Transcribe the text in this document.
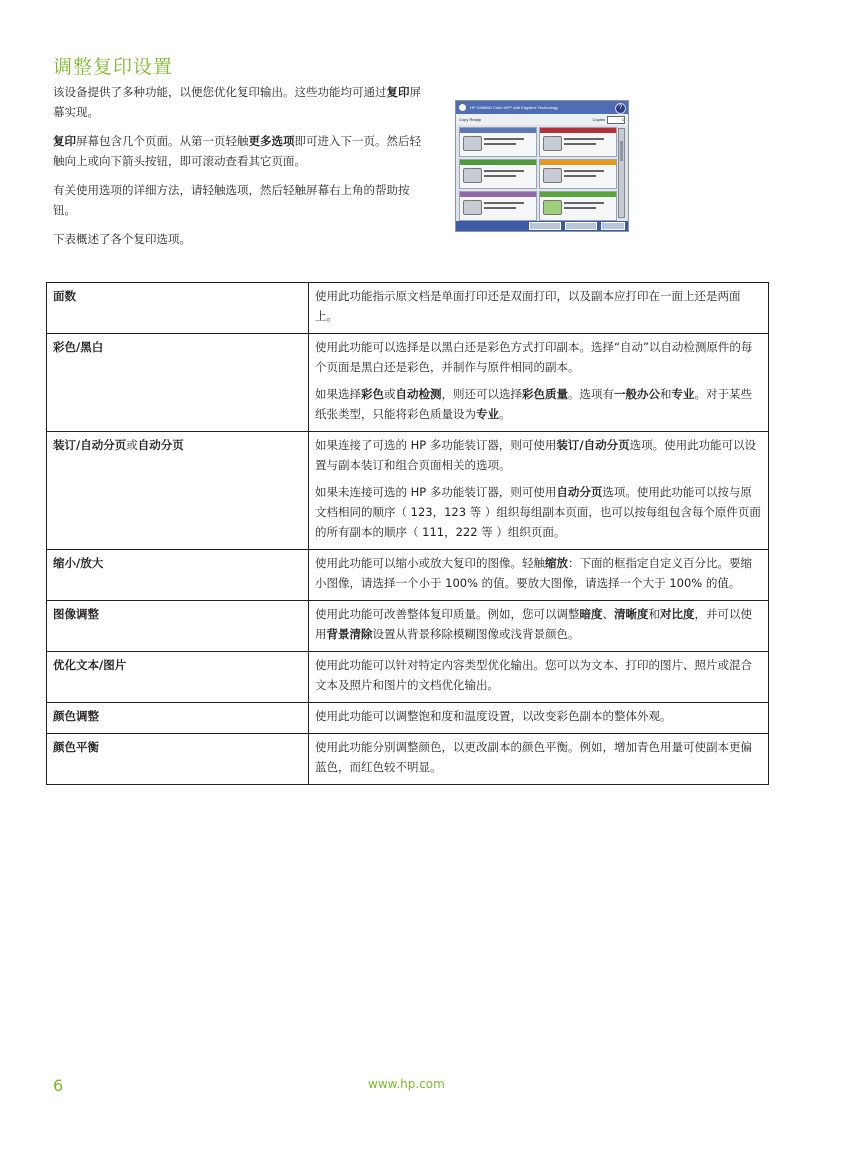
调整复印设置

该设备提供了多种功能，以便您优化复印输出。这些功能均可通过复印屏幕实现。

复印屏幕包含几个页面。从第一页轻触更多选项即可进入下一页。然后轻触向上或向下箭头按钮，即可滚动查看其它页面。

有关使用选项的详细方法，请轻触选项，然后轻触屏幕右上角的帮助按钮。

下表概述了各个复印选项。

HP CM8060 Color MFP with Edgeline Technology	?
Copy Ready	Copies	1
面数	使用此功能指示原文档是单面打印还是双面打印，以及副本应打印在一面上还是两面上。

彩色/黑白	使用此功能可以选择是以黑白还是彩色方式打印副本。选择“自动”以自动检测原件的每个页面是黑白还是彩色，并制作与原件相同的副本。

如果选择彩色或自动检测，则还可以选择彩色质量。选项有一般办公和专业。对于某些纸张类型，只能将彩色质量设为专业。

装订/自动分页或自动分页	如果连接了可选的 HP 多功能装订器，则可使用装订/自动分页选项。使用此功能可以设置与副本装订和组合页面相关的选项。

如果未连接可选的 HP 多功能装订器，则可使用自动分页选项。使用此功能可以按与原文档相同的顺序（ 123，123 等 ）组织每组副本页面，也可以按每组包含每个原件页面的所有副本的顺序（ 111，222 等 ）组织页面。

缩小/放大	使用此功能可以缩小或放大复印的图像。轻触缩放：下面的框指定自定义百分比。要缩小图像，请选择一个小于 100% 的值。要放大图像，请选择一个大于 100% 的值。

图像调整	使用此功能可改善整体复印质量。例如，您可以调整暗度、清晰度和对比度，并可以使用背景清除设置从背景移除模糊图像或浅背景颜色。

优化文本/图片	使用此功能可以针对特定内容类型优化输出。您可以为文本、打印的图片、照片或混合文本及照片和图片的文档优化输出。

颜色调整	使用此功能可以调整饱和度和温度设置，以改变彩色副本的整体外观。

颜色平衡	使用此功能分别调整颜色，以更改副本的颜色平衡。例如，增加青色用量可使副本更偏蓝色，而红色较不明显。

6	www.hp.com
